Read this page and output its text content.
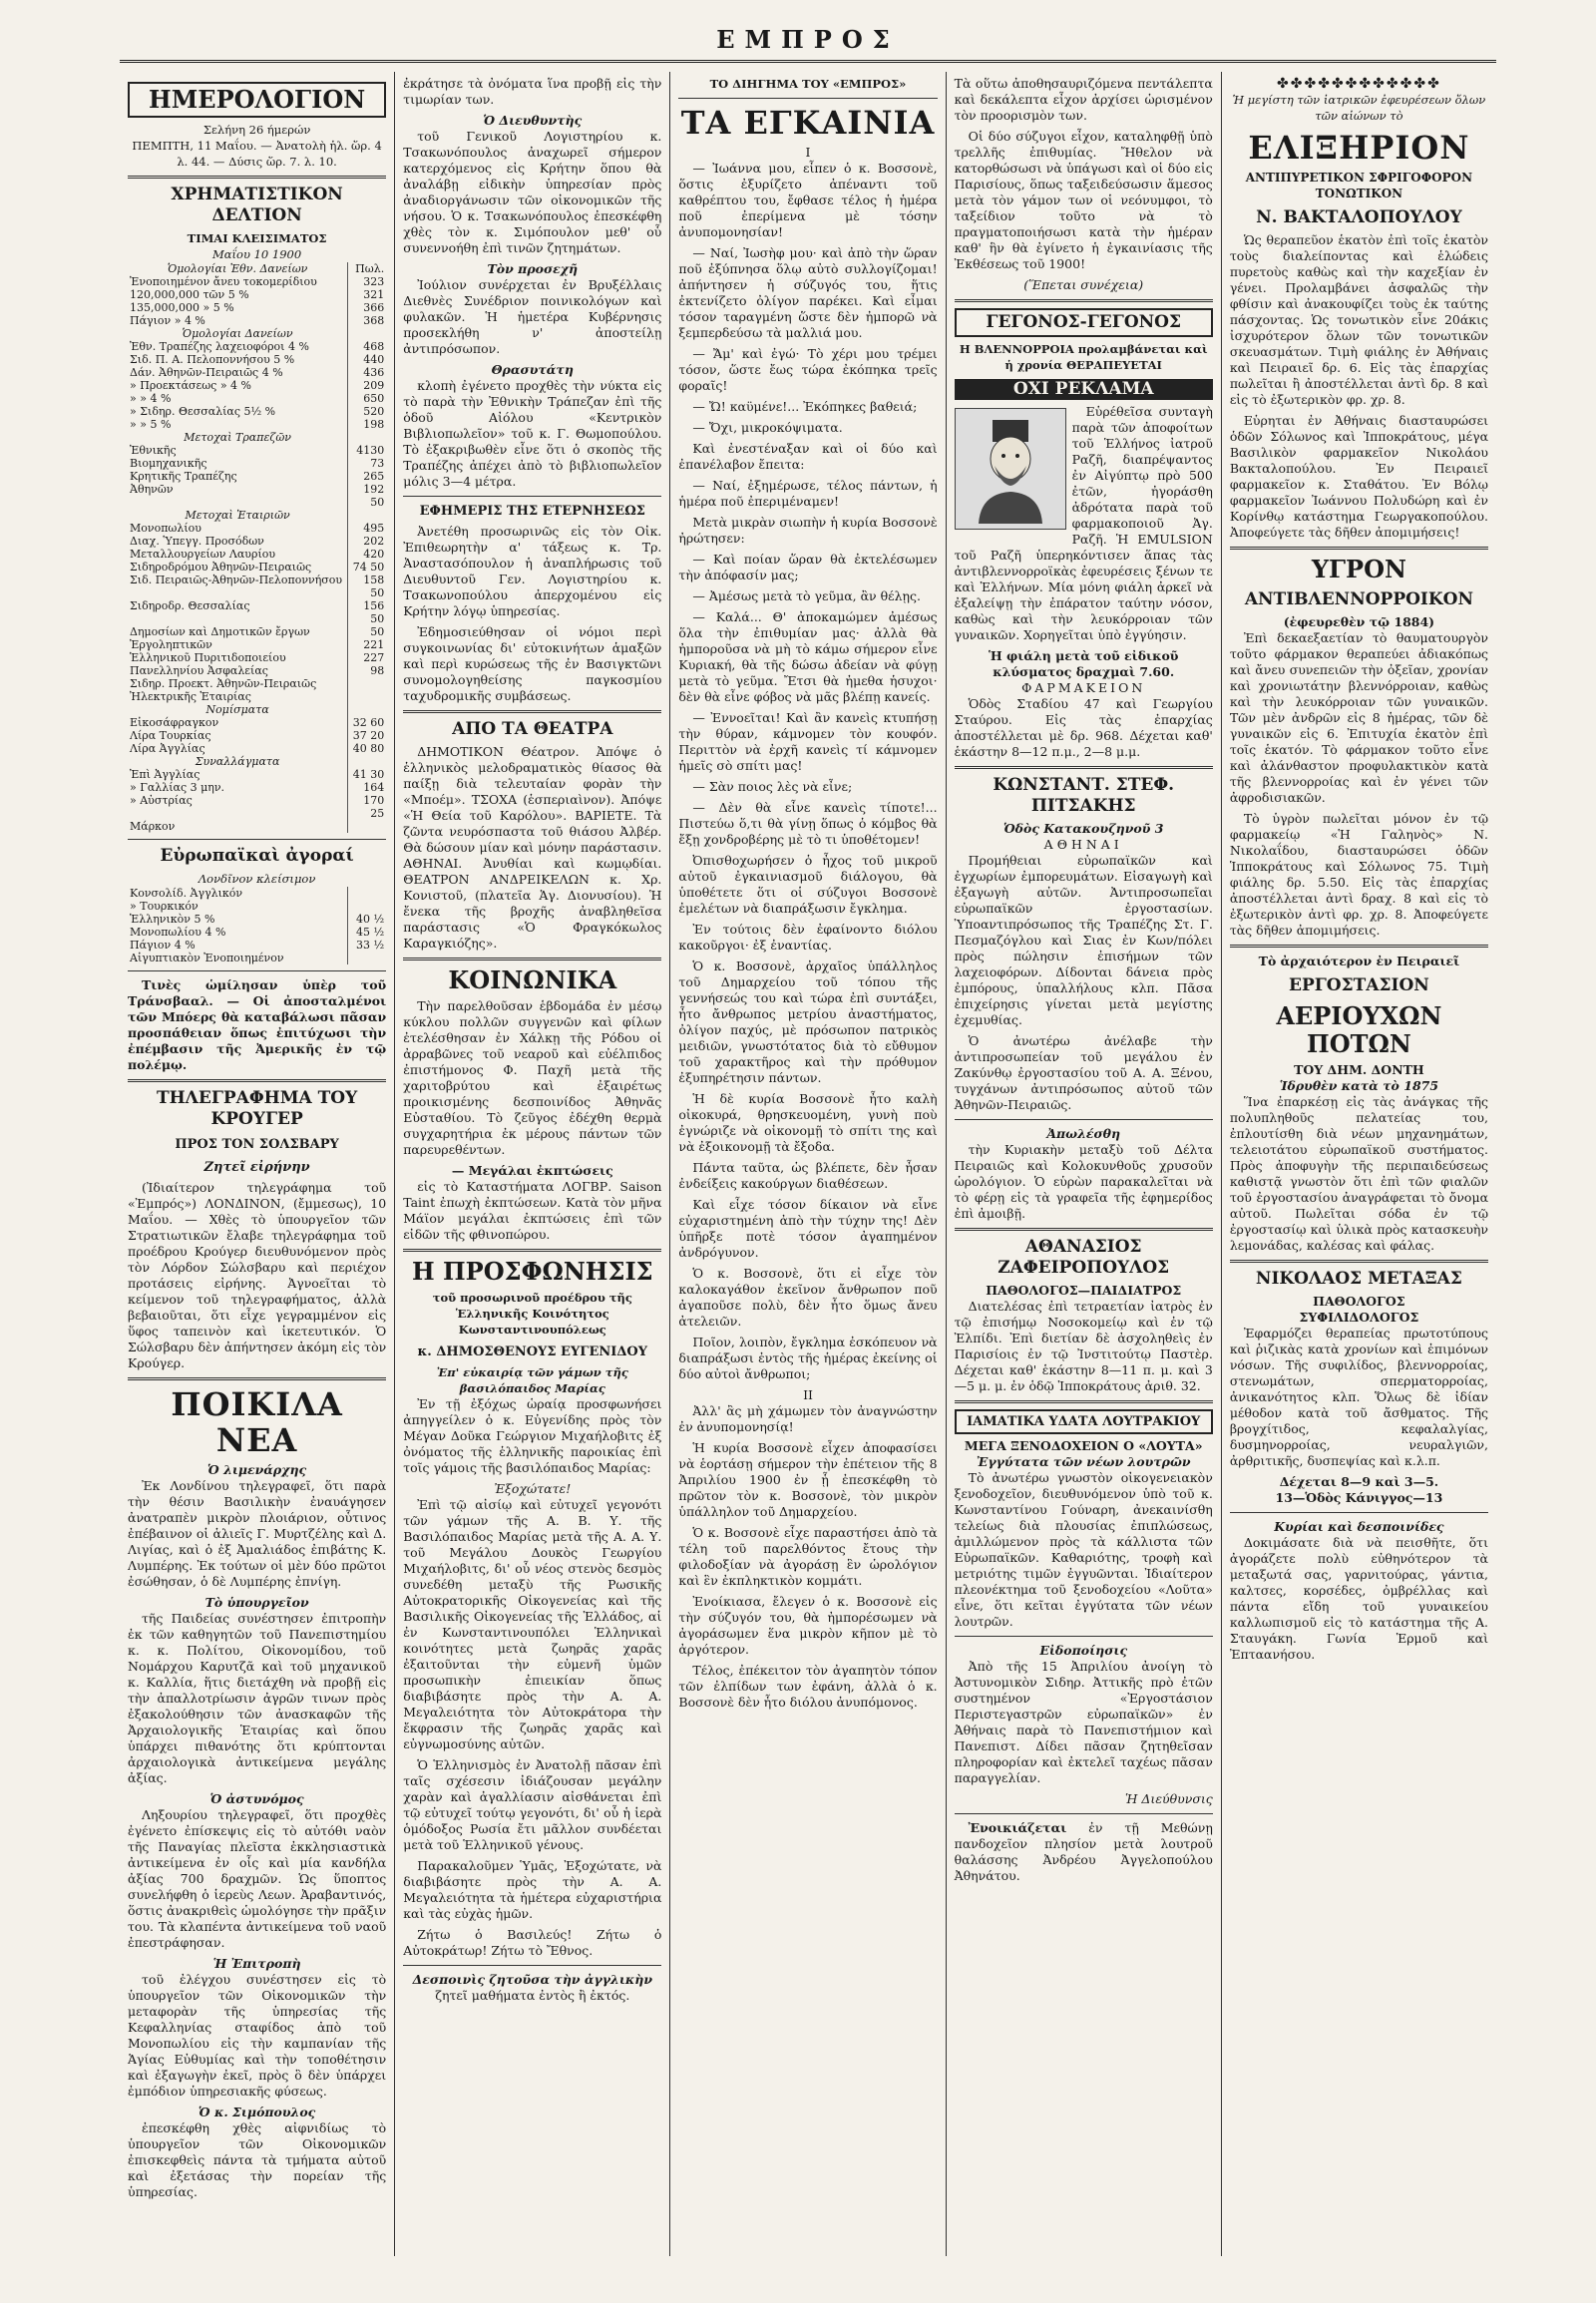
ΕΜΠΡΟΣ
ΗΜΕΡΟΛΟΓΙΟΝ
Σελήνη 26 ήμερών
ΠΕΜΠΤΗ, 11 Μαΐου. — Ἀνατολὴ ἡλ. ὥρ. 4 λ. 44. — Δύσις ὥρ. 7. λ. 10.
ΧΡΗΜΑΤΙΣΤΙΚΟΝ ΔΕΛΤΙΟΝ
ΤΙΜΑΙ ΚΛΕΙΣΙΜΑΤΟΣ
Μαΐου 10 1900
Ὁμολογίαι Ἐθν. Δανείων	Πωλ.
Ἐνοποιημένον ἄνευ τοκομερίδιου	323
120,000,000 τῶν 5 %	321
135,000,000 » 5 %	366
Πάγιον » 4 %	368
Ὁμολογίαι Δανείων	
Ἐθν. Τραπέζης λαχειοφόροι 4 %	468
Σιδ. Π. Α. Πελοποννήσου 5 %	440
Δάν. Ἀθηνῶν-Πειραιῶς 4 %	436
» Προεκτάσεως » 4 %	209
» » 4 %	650
» Σιδηρ. Θεσσαλίας 5½ %	520
» » 5 %	198
Μετοχαὶ Τραπεζῶν	
Ἐθνικῆς	4130
Βιομηχανικῆς	73
Κρητικῆς Τραπέζης	265
Ἀθηνῶν	192 50
Μετοχαὶ Ἑταιριῶν	
Μονοπωλίου	495
Διαχ. Ὑπεγγ. Προσόδων	202
Μεταλλουργείων Λαυρίου	420
Σιδηροδρόμου Ἀθηνῶν-Πειραιῶς	74 50
Σιδ. Πειραιῶς-Ἀθηνῶν-Πελοποννήσου	158 50
Σιδηροδρ. Θεσσαλίας	156 50
Δημοσίων καὶ Δημοτικῶν ἔργων	50
Ἐργοληπτικῶν	221
Ἑλληνικοῦ Πυριτιδοποιείου	227
Πανελληνίου Ἀσφαλείας	98
Σιδηρ. Προεκτ. Ἀθηνῶν-Πειραιῶς	
Ἠλεκτρικῆς Ἑταιρίας	
Νομίσματα	
Εἰκοσάφραγκον	32 60
Λίρα Τουρκίας	37 20
Λίρα Ἀγγλίας	40 80
Συναλλάγματα	
Ἐπὶ Ἀγγλίας	41 30
» Γαλλίας 3 μην.	164
» Αὐστρίας	170 25
Μάρκον	
Εὐρωπαϊκαὶ ἀγοραί
Λονδῖνον κλείσιμον
Κονσολίδ. Ἀγγλικόν	
» Τουρκικόν	
Ἑλληνικὸν 5 %	40 ½
Μονοπωλίου 4 %	45 ½
Πάγιον 4 %	33 ½
Αἰγυπτιακὸν Ἐνοποιημένον	

Τινὲς ὡμίλησαν ὑπὲρ τοῦ Τράνσβααλ. — Οἱ ἀποσταλμένοι τῶν Μπόερς θὰ καταβάλωσι πᾶσαν προσπάθειαν ὅπως ἐπιτύχωσι τὴν ἐπέμβασιν τῆς Ἀμερικῆς ἐν τῷ πολέμῳ.

ΤΗΛΕΓΡΑΦΗΜΑ ΤΟΥ ΚΡΟΥΓΕΡ
ΠΡΟΣ ΤΟΝ ΣΟΛΣΒΑΡΥ
Ζητεῖ εἰρήνην

(Ἰδιαίτερον τηλεγράφημα τοῦ «Ἐμπρός») ΛΟΝΔΙΝΟΝ, (ἔμμεσως), 10 Μαΐου. — Χθὲς τὸ ὑπουργεῖον τῶν Στρατιωτικῶν ἔλαβε τηλεγράφημα τοῦ προέδρου Κρούγερ διευθυνόμενον πρὸς τὸν Λόρδον Σώλσβαρυ καὶ περιέχον προτάσεις εἰρήνης. Ἀγνοεῖται τὸ κείμενον τοῦ τηλεγραφήματος, ἀλλὰ βεβαιοῦται, ὅτι εἶχε γεγραμμένον εἰς ὕφος ταπεινὸν καὶ ἱκετευτικόν. Ὁ Σώλσβαρυ δὲν ἀπήντησεν ἀκόμη εἰς τὸν Κρούγερ.

ΠΟΙΚΙΛΑ ΝΕΑ
Ὁ λιμενάρχης

Ἐκ Λονδίνου τηλεγραφεῖ, ὅτι παρὰ τὴν θέσιν Βασιλικὴν ἐναυάγησεν ἀνατραπὲν μικρὸν πλοιάριον, οὗτινος ἐπέβαινον οἱ ἁλιεῖς Γ. Μυρτζέλης καὶ Δ. Λιγίας, καὶ ὁ ἐξ Ἀμαλιάδος ἐπιβάτης Κ. Λυμπέρης. Ἐκ τούτων οἱ μὲν δύο πρῶτοι ἐσώθησαν, ὁ δὲ Λυμπέρης ἐπνίγη.

Τὸ ὑπουργεῖον

τῆς Παιδείας συνέστησεν ἐπιτροπὴν ἐκ τῶν καθηγητῶν τοῦ Πανεπιστημίου κ. κ. Πολίτου, Οἰκονομίδου, τοῦ Νομάρχου Καρυτζᾶ καὶ τοῦ μηχανικοῦ κ. Καλλία, ἥτις διετάχθη νὰ προβῇ εἰς τὴν ἀπαλλοτρίωσιν ἀγρῶν τινων πρὸς ἐξακολούθησιν τῶν ἀνασκαφῶν τῆς Ἀρχαιολογικῆς Ἑταιρίας καὶ ὅπου ὑπάρχει πιθανότης ὅτι κρύπτονται ἀρχαιολογικὰ ἀντικείμενα μεγάλης ἀξίας.

Ὁ ἀστυνόμος

Ληξουρίου τηλεγραφεῖ, ὅτι προχθὲς ἐγένετο ἐπίσκεψις εἰς τὸ αὐτόθι ναὸν τῆς Παναγίας πλεῖστα ἐκκλησιαστικὰ ἀντικείμενα ἐν οἷς καὶ μία κανδήλα ἀξίας 700 δραχμῶν. Ὡς ὕποπτος συνελήφθη ὁ ἱερεὺς Λεων. Ἀραβαντινός, ὅστις ἀνακριθεὶς ὡμολόγησε τὴν πρᾶξιν του. Τὰ κλαπέντα ἀντικείμενα τοῦ ναοῦ ἐπεστράφησαν.

Ἡ Ἐπιτροπὴ

τοῦ ἐλέγχου συνέστησεν εἰς τὸ ὑπουργεῖον τῶν Οἰκονομικῶν τὴν μεταφορὰν τῆς ὑπηρεσίας τῆς Κεφαλληνίας σταφίδος ἀπὸ τοῦ Μονοπωλίου εἰς τὴν καμπανίαν τῆς Ἁγίας Εὐθυμίας καὶ τὴν τοποθέτησιν καὶ ἐξαγωγὴν ἐκεῖ, πρὸς ὃ δὲν ὑπάρχει ἐμπόδιον ὑπηρεσιακῆς φύσεως.

Ὁ κ. Σιμόπουλος

ἐπεσκέφθη χθὲς αἰφνιδίως τὸ ὑπουργεῖον τῶν Οἰκονομικῶν ἐπισκεφθεὶς πάντα τὰ τμήματα αὐτοῦ καὶ ἐξετάσας τὴν πορείαν τῆς ὑπηρεσίας.

ἐκράτησε τὰ ὀνόματα ἵνα προβῇ εἰς τὴν τιμωρίαν των.

Ὁ Διευθυντὴς

τοῦ Γενικοῦ Λογιστηρίου κ. Τσακωνόπουλος ἀναχωρεῖ σήμερον κατερχόμενος εἰς Κρήτην ὅπου θὰ ἀναλάβῃ εἰδικὴν ὑπηρεσίαν πρὸς ἀναδιοργάνωσιν τῶν οἰκονομικῶν τῆς νήσου. Ὁ κ. Τσακωνόπουλος ἐπεσκέφθη χθὲς τὸν κ. Σιμόπουλον μεθ' οὗ συνεννοήθη ἐπὶ τινῶν ζητημάτων.

Τὸν προσεχῆ

Ἰούλιον συνέρχεται ἐν Βρυξέλλαις Διεθνὲς Συνέδριον ποινικολόγων καὶ φυλακῶν. Ἡ ἡμετέρα Κυβέρνησις προσεκλήθη ν' ἀποστείλῃ ἀντιπρόσωπον.

Θρασυτάτη

κλοπὴ ἐγένετο προχθὲς τὴν νύκτα εἰς τὸ παρὰ τὴν Ἐθνικὴν Τράπεζαν ἐπὶ τῆς ὁδοῦ Αἰόλου «Κεντρικὸν Βιβλιοπωλεῖον» τοῦ κ. Γ. Θωμοπούλου. Τὸ ἐξακριβωθὲν εἶνε ὅτι ὁ σκοπὸς τῆς Τραπέζης ἀπέχει ἀπὸ τὸ βιβλιοπωλεῖον μόλις 3—4 μέτρα.

ΕΦΗΜΕΡΙΣ ΤΗΣ ΕΤΕΡΝΗΣΕΩΣ

Ἀνετέθη προσωρινῶς εἰς τὸν Οἰκ. Ἐπιθεωρητὴν α' τάξεως κ. Τρ. Ἀναστασόπουλον ἡ ἀναπλήρωσις τοῦ Διευθυντοῦ Γεν. Λογιστηρίου κ. Τσακωνοπούλου ἀπερχομένου εἰς Κρήτην λόγῳ ὑπηρεσίας.

Ἐδημοσιεύθησαν οἱ νόμοι περὶ συγκοινωνίας δι' εὐτοκινήτων ἁμαξῶν καὶ περὶ κυρώσεως τῆς ἐν Βασιγκτῶνι συνομολογηθείσης παγκοσμίου ταχυδρομικῆς συμβάσεως.

ΑΠΟ ΤΑ ΘΕΑΤΡΑ

ΔΗΜΟΤΙΚΟΝ Θέατρον. Ἀπόψε ὁ ἑλληνικὸς μελοδραματικὸς θίασος θὰ παίξῃ διὰ τελευταίαν φορὰν τὴν «Μποέμ». ΤΣΟΧΑ (ἑσπεριαὶνον). Ἀπόψε «Ἡ Θεία τοῦ Καρόλου». ΒΑΡΙΕΤΕ. Τὰ ζῶντα νευρόσπαστα τοῦ θιάσου Ἀλβέρ. Θὰ δώσουν μίαν καὶ μόνην παράστασιν. ΑΘΗΝΑΙ. Ἀνυθίαι καὶ κωμῳδίαι. ΘΕΑΤΡΟΝ ΑΝΔΡΕΙΚΕΛΩΝ κ. Χρ. Κονιστοῦ, (πλατεῖα Ἁγ. Διονυσίου). Ἡ ἔνεκα τῆς βροχῆς ἀναβληθεῖσα παράστασις «Ὁ Φραγκόκωλος Καραγκιόζης».

ΚΟΙΝΩΝΙΚΑ

Τὴν παρελθοῦσαν ἑβδομάδα ἐν μέσῳ κύκλου πολλῶν συγγενῶν καὶ φίλων ἐτελέσθησαν ἐν Χάλκῃ τῆς Ρόδου οἱ ἀρραβῶνες τοῦ νεαροῦ καὶ εὐέλπιδος ἐπιστήμονος Φ. Παχῆ μετὰ τῆς χαριτοβρύτου καὶ ἐξαιρέτως προικισμένης δεσποινίδος Ἀθηνᾶς Εὐσταθίου. Τὸ ζεῦγος ἐδέχθη θερμὰ συγχαρητήρια ἐκ μέρους πάντων τῶν παρευρεθέντων.

— Μεγάλαι ἐκπτώσεις

εἰς τὸ Καταστήματα ΛΟΓΒΡ. Saison Taint ἐπωχὴ ἐκπτώσεων. Κατὰ τὸν μῆνα Μάϊον μεγάλαι ἐκπτώσεις ἐπὶ τῶν εἰδῶν τῆς φθινοπώρου.

Η ΠΡΟΣΦΩΝΗΣΙΣ
τοῦ προσωρινοῦ προέδρου τῆς Ἑλληνικῆς Κοινότητος Κωνσταντινουπόλεως
κ. ΔΗΜΟΣΘΕΝΟΥΣ ΕΥΓΕΝΙΔΟΥ
Ἐπ' εὐκαιρίᾳ τῶν γάμων τῆς βασιλόπαιδος Μαρίας

Ἐν τῇ ἐξόχως ὡραίᾳ προσφωνήσει ἀπηγγείλεν ὁ κ. Εὐγενίδης πρὸς τὸν Μέγαν Δοῦκα Γεώργιον Μιχαήλοβιτς ἐξ ὀνόματος τῆς ἑλληνικῆς παροικίας ἐπὶ τοῖς γάμοις τῆς βασιλόπαιδος Μαρίας:

Ἐξοχώτατε!

Ἐπὶ τῷ αἰσίῳ καὶ εὐτυχεῖ γεγονότι τῶν γάμων τῆς Α. Β. Υ. τῆς Βασιλόπαιδος Μαρίας μετὰ τῆς Α. Α. Υ. τοῦ Μεγάλου Δουκὸς Γεωργίου Μιχαήλοβιτς, δι' οὗ νέος στενὸς δεσμὸς συνεδέθη μεταξὺ τῆς Ρωσικῆς Αὐτοκρατορικῆς Οἰκογενείας καὶ τῆς Βασιλικῆς Οἰκογενείας τῆς Ἑλλάδος, αἱ ἐν Κωνσταντινουπόλει Ἑλληνικαὶ κοινότητες μετὰ ζωηρᾶς χαρᾶς ἐξαιτοῦνται τὴν εὐμενῆ ὑμῶν προσωπικὴν ἐπιεικίαν ὅπως διαβιβάσητε πρὸς τὴν Α. Α. Μεγαλειότητα τὸν Αὐτοκράτορα τὴν ἔκφρασιν τῆς ζωηρᾶς χαρᾶς καὶ εὐγνωμοσύνης αὐτῶν.

Ὁ Ἑλληνισμὸς ἐν Ἀνατολῇ πᾶσαν ἐπὶ ταῖς σχέσεσιν ἰδιάζουσαν μεγάλην χαρὰν καὶ ἀγαλλίασιν αἰσθάνεται ἐπὶ τῷ εὐτυχεῖ τούτῳ γεγονότι, δι' οὗ ἡ ἱερὰ ὁμόδοξος Ρωσία ἔτι μᾶλλον συνδέεται μετὰ τοῦ Ἑλληνικοῦ γένους.

Παρακαλοῦμεν Ὑμᾶς, Ἐξοχώτατε, νὰ διαβιβάσητε πρὸς τὴν Α. Α. Μεγαλειότητα τὰ ἡμέτερα εὐχαριστήρια καὶ τὰς εὐχὰς ἡμῶν.

Ζήτω ὁ Βασιλεύς! Ζήτω ὁ Αὐτοκράτωρ! Ζήτω τὸ Ἔθνος.

Δεσποινὶς ζητοῦσα τὴν ἀγγλικὴν
ζητεῖ μαθήματα ἐντὸς ἢ ἐκτός.
ΤΟ ΔΙΗΓΗΜΑ ΤΟΥ «ΕΜΠΡΟΣ»
ΤΑ ΕΓΚΑΙΝΙΑ
I

— Ἰωάννα μου, εἶπεν ὁ κ. Βοσσονὲ, ὅστις ἐξυρίζετο ἀπέναντι τοῦ καθρέπτου του, ἔφθασε τέλος ἡ ἡμέρα ποῦ ἐπερίμενα μὲ τόσην ἀνυπομονησίαν!

— Ναί, Ἰωσὴφ μου· καὶ ἀπὸ τὴν ὥραν ποῦ ἐξύπνησα ὅλῳ αὐτὸ συλλογίζομαι! ἀπήντησεν ἡ σύζυγός του, ἥτις ἐκτενίζετο ὀλίγον παρέκει. Καὶ εἶμαι τόσον ταραγμένη ὥστε δὲν ἠμπορῶ νὰ ξεμπερδεύσω τὰ μαλλιά μου.

— Ἄμ' καὶ ἐγώ· Τὸ χέρι μου τρέμει τόσον, ὥστε ἔως τώρα ἐκόπηκα τρεῖς φοραῖς!

— Ὤ! καϋμένε!... Ἐκόπηκες βαθειά;

— Ὄχι, μικροκόψιματα.

Καὶ ἐνεστέναξαν καὶ οἱ δύο καὶ ἐπανέλαβον ἔπειτα:

— Ναί, ἐξημέρωσε, τέλος πάντων, ἡ ἡμέρα ποῦ ἐπεριμέναμεν!

Μετὰ μικρὰν σιωπὴν ἡ κυρία Βοσσονὲ ἠρώτησεν:

— Καὶ ποίαν ὥραν θὰ ἐκτελέσωμεν τὴν ἀπόφασίν μας;

— Ἀμέσως μετὰ τὸ γεῦμα, ἂν θέλῃς.

— Καλά... Θ' ἀποκαμώμεν ἀμέσως ὅλα τὴν ἐπιθυμίαν μας· ἀλλὰ θὰ ἠμποροῦσα νὰ μὴ τὸ κάμω σήμερον εἶνε Κυριακή, θὰ τῆς δώσω ἀδείαν νὰ φύγῃ μετὰ τὸ γεῦμα. Ἔτσι θὰ ἠμεθα ἡσυχοι· δὲν θὰ εἶνε φόβος νὰ μᾶς βλέπῃ κανείς.

— Ἐννοεῖται! Καὶ ἂν κανεὶς κτυπήσῃ τὴν θύραν, κάμνομεν τὸν κουφόν. Περιττὸν νὰ ἐρχῆ κανεὶς τί κάμνομεν ἡμεῖς σὸ σπίτι μας!

— Σὰν ποιος λὲς νὰ εἶνε;

— Δὲν θὰ εἶνε κανεὶς τίποτε!... Πιστεύω ὅ,τι θὰ γίνῃ ὅπως ὁ κόμβος θὰ ἔξῃ χονδροβέρης μὲ τὸ τι ὑποθέτομεν!

Ὀπισθοχωρήσεν ὁ ἦχος τοῦ μικροῦ αὐτοῦ ἐγκαινιασμοῦ διάλογου, θὰ ὑποθέτετε ὅτι οἱ σύζυγοι Βοσσονὲ ἐμελέτων νὰ διαπράξωσιν ἔγκλημα.

Ἐν τούτοις δὲν ἐφαίνοντο διόλου κακοῦργοι· ἐξ ἐναντίας.

Ὁ κ. Βοσσονὲ, ἀρχαῖος ὑπάλληλος τοῦ Δημαρχείου τοῦ τόπου τῆς γεννήσεώς του καὶ τώρα ἐπὶ συντάξει, ἦτο ἄνθρωπος μετρίου ἀναστήματος, ὀλίγον παχύς, μὲ πρόσωπον πατρικὸς μειδιῶν, γνωστότατος διὰ τὸ εὔθυμον τοῦ χαρακτῆρος καὶ τὴν πρόθυμον ἐξυπηρέτησιν πάντων.

Ἡ δὲ κυρία Βοσσονὲ ἦτο καλὴ οἰκοκυρά, θρησκευομένη, γυνὴ ποὺ ἐγνώριζε νὰ οἰκονομῇ τὸ σπίτι της καὶ νὰ ἐξοικονομῇ τὰ ἔξοδα.

Πάντα ταῦτα, ὡς βλέπετε, δὲν ἦσαν ἐνδείξεις κακούργων διαθέσεων.

Καὶ εἶχε τόσον δίκαιον νὰ εἶνε εὐχαριστημένη ἀπὸ τὴν τύχην της! Δὲν ὑπῆρξε ποτὲ τόσον ἀγαπημένον ἀνδρόγυνον.

Ὁ κ. Βοσσονὲ, ὅτι εἰ εἶχε τὸν καλοκαγάθον ἐκεῖνον ἄνθρωπον ποῦ ἀγαποῦσε πολὺ, δὲν ἦτο ὅμως ἄνευ ἀτελειῶν.

Ποῖον, λοιπὸν, ἔγκλημα ἐσκόπευον νὰ διαπράξωσι ἐντὸς τῆς ἡμέρας ἐκείνης οἱ δύο αὐτοὶ ἄνθρωποι;

II

Ἀλλ' ἂς μὴ χάμωμεν τὸν ἀναγνώστην ἐν ἀνυπομονησίᾳ!

Ἡ κυρία Βοσσονὲ εἶχεν ἀποφασίσει νὰ ἑορτάσῃ σήμερον τὴν ἐπέτειον τῆς 8 Ἀπριλίου 1900 ἐν ᾗ ἐπεσκέφθη τὸ πρῶτον τὸν κ. Βοσσονὲ, τὸν μικρὸν ὑπάλληλον τοῦ Δημαρχείου.

Ὁ κ. Βοσσονὲ εἶχε παραστήσει ἀπὸ τὰ τέλη τοῦ παρελθόντος ἔτους τὴν φιλοδοξίαν νὰ ἀγοράσῃ ἓν ὡρολόγιον καὶ ἓν ἐκπληκτικὸν κομμάτι.

Ἐνοίκιασα, ἔλεγεν ὁ κ. Βοσσονὲ εἰς τὴν σύζυγόν του, θὰ ἠμπορέσωμεν νὰ ἀγοράσωμεν ἕνα μικρὸν κῆπον μὲ τὸ ἀργότερον.

Τέλος, ἐπέκειτον τὸν ἀγαπητὸν τόπον τῶν ἐλπίδων των ἐφάνη, ἀλλὰ ὁ κ. Βοσσονὲ δὲν ἦτο διόλου ἀνυπόμονος.

Τὰ οὕτω ἀποθησαυριζόμενα πεντάλεπτα καὶ δεκάλεπτα εἶχον ἀρχίσει ὡρισμένον τὸν προορισμὸν των.

Οἱ δύο σύζυγοι εἶχον, καταληφθῇ ὑπὸ τρελλῆς ἐπιθυμίας. Ἤθελον νὰ κατορθώσωσι νὰ ὑπάγωσι καὶ οἱ δύο εἰς Παρισίους, ὅπως ταξειδεύσωσιν ἅμεσος μετὰ τὸν γάμον των οἱ νεόνυμφοι, τὸ ταξείδιον τοῦτο νὰ τὸ πραγματοποιήσωσι κατὰ τὴν ἡμέραν καθ' ἣν θὰ ἐγίνετο ἡ ἐγκαινίασις τῆς Ἐκθέσεως τοῦ 1900!

(Ἕπεται συνέχεια)
ΓΕΓΟΝΟΣ-ΓΕΓΟΝΟΣ
Η ΒΛΕΝΝΟΡΡΟΙΑ προλαμβάνεται καὶ ἡ χρονία ΘΕΡΑΠΕΥΕΤΑΙ
ΟΧΙ ΡΕΚΛΑΜΑ

Εὑρέθεῖσα συνταγὴ παρὰ τῶν ἀποφοίτων τοῦ Ἑλλήνος ἰατροῦ Ραζῆ, διαπρέψαντος ἐν Αἰγύπτῳ πρὸ 500 ἐτῶν, ἠγοράσθη ἀδρότατα παρὰ τοῦ φαρμακοποιοῦ Ἀγ. Ραζῆ. Ἡ EMULSION τοῦ Ραζῆ ὑπερηκόντισεν ἅπας τὰς ἀντιβλεννορροϊκὰς ἐφευρέσεις ξένων τε καὶ Ἑλλήνων. Μία μόνη φιάλη ἀρκεῖ νὰ ἐξαλείψῃ τὴν ἐπάρατον ταύτην νόσον, καθὼς καὶ τὴν λευκόρροιαν τῶν γυναικῶν. Χορηγεῖται ὑπὸ ἐγγύησιν.

Ἡ φιάλη μετὰ τοῦ εἰδικοῦ κλύσματος δραχμαὶ 7.60.
ΦΑΡΜΑΚΕΙΟΝ

Ὁδὸς Σταδίου 47 καὶ Γεωργίου Σταύρου. Εἰς τὰς ἐπαρχίας ἀποστέλλεται μὲ δρ. 968. Δέχεται καθ' ἑκάστην 8—12 π.μ., 2—8 μ.μ.

ΚΩΝΣΤΑΝΤ. ΣΤΕΦ. ΠΙΤΣΑΚΗΣ
Ὁδὸς Κατακουζηνοῦ 3
ΑΘΗΝΑΙ

Προμήθειαι εὐρωπαϊκῶν καὶ ἐγχωρίων ἐμπορευμάτων. Εἰσαγωγὴ καὶ ἐξαγωγὴ αὐτῶν. Ἀντιπροσωπεῖαι εὐρωπαϊκῶν ἐργοστασίων. Ὑποαντιπρόσωπος τῆς Τραπέζης Στ. Γ. Πεσμαζόγλου καὶ Σιας ἐν Κων/πόλει πρὸς πώλησιν ἐπισήμων τῶν λαχειοφόρων. Δίδονται δάνεια πρὸς ἐμπόρους, ὑπαλλήλους κλπ. Πᾶσα ἐπιχείρησις γίνεται μετὰ μεγίστης ἐχεμυθίας.

Ὁ ἀνωτέρω ἀνέλαβε τὴν ἀντιπροσωπείαν τοῦ μεγάλου ἐν Ζακύνθῳ ἐργοστασίου τοῦ Α. Α. Ξένου, τυγχάνων ἀντιπρόσωπος αὐτοῦ τῶν Ἀθηνῶν-Πειραιῶς.

Ἀπωλέσθη

τὴν Κυριακὴν μεταξὺ τοῦ Δέλτα Πειραιῶς καὶ Κολοκυνθοῦς χρυσοῦν ὡρολόγιον. Ὁ εὑρὼν παρακαλεῖται νὰ τὸ φέρῃ εἰς τὰ γραφεῖα τῆς ἐφημερίδος ἐπὶ ἀμοιβῇ.

ΑΘΑΝΑΣΙΟΣ ΖΑΦΕΙΡΟΠΟΥΛΟΣ
ΠΑΘΟΛΟΓΟΣ—ΠΑΙΔΙΑΤΡΟΣ

Διατελέσας ἐπὶ τετραετίαν ἰατρὸς ἐν τῷ ἐπισήμῳ Νοσοκομείῳ καὶ ἐν τῷ Ἐλπίδι. Ἐπὶ διετίαν δὲ ἀσχοληθεὶς ἐν Παρισίοις ἐν τῷ Ἰνστιτούτῳ Παστὲρ. Δέχεται καθ' ἑκάστην 8—11 π. μ. καὶ 3—5 μ. μ. ἐν ὁδῷ Ἱπποκράτους ἀριθ. 32.

ΙΑΜΑΤΙΚΑ ΥΔΑΤΑ ΛΟΥΤΡΑΚΙΟΥ
ΜΕΓΑ ΞΕΝΟΔΟΧΕΙΟΝ Ο «ΛΟΥΤΑ»
Ἐγγύτατα τῶν νέων λουτρῶν

Τὸ ἀνωτέρω γνωστὸν οἰκογενειακὸν ξενοδοχεῖον, διευθυνόμενον ὑπὸ τοῦ κ. Κωνσταντίνου Γούναρη, ἀνεκαινίσθη τελείως διὰ πλουσίας ἐπιπλώσεως, ἀμιλλώμενον πρὸς τὰ κάλλιστα τῶν Εὐρωπαϊκῶν. Καθαριότης, τροφὴ καὶ μετριότης τιμῶν ἐγγυῶνται. Ἰδιαίτερον πλεονέκτημα τοῦ ξενοδοχείου «Λοῦτα» εἶνε, ὅτι κεῖται ἐγγύτατα τῶν νέων λουτρῶν.

Εἰδοποίησις

Ἀπὸ τῆς 15 Ἀπριλίου ἀνοίγη τὸ Ἀστυνομικὸν Σιδηρ. Ἀττικῆς πρὸ ἐτῶν συστημένον «Ἐργοστάσιον Περιστεγαστρῶν εὐρωπαϊκῶν» ἐν Ἀθήναις παρὰ τὸ Πανεπιστήμιον καὶ Πανεπιστ. Δίδει πᾶσαν ζητηθεῖσαν πληροφορίαν καὶ ἐκτελεῖ ταχέως πᾶσαν παραγγελίαν.

Ἡ Διεύθυνσις

Ἐνοικιάζεται ἐν τῇ Μεθώνῃ πανδοχεῖον πλησίον μετὰ λουτροῦ θαλάσσης Ἀνδρέου Ἀγγελοπούλου Ἀθηνάτου.

✤✤✤✤✤✤✤✤✤✤✤✤
Ἡ μεγίστη τῶν ἰατρικῶν ἐφευρέσεων ὅλων τῶν αἰώνων τὸ
ΕΛΙΞΗΡΙΟΝ
ΑΝΤΙΠΥΡΕΤΙΚΟΝ ΣΦΡΙΓΟΦΟΡΟΝ ΤΟΝΩΤΙΚΟΝ
Ν. ΒΑΚΤΑΛΟΠΟΥΛΟΥ

Ὡς θεραπεῦον ἑκατὸν ἐπὶ τοῖς ἑκατὸν τοὺς διαλείποντας καὶ ἑλώδεις πυρετοὺς καθὼς καὶ τὴν καχεξίαν ἐν γένει. Προλαμβάνει ἀσφαλῶς τὴν φθίσιν καὶ ἀνακουφίζει τοὺς ἐκ ταύτης πάσχοντας. Ὡς τονωτικὸν εἶνε 20άκις ἰσχυρότερον ὅλων τῶν τονωτικῶν σκευασμάτων. Τιμὴ φιάλης ἐν Ἀθήναις καὶ Πειραιεῖ δρ. 6. Εἰς τὰς ἐπαρχίας πωλεῖται ἢ ἀποστέλλεται ἀντὶ δρ. 8 καὶ εἰς τὸ ἐξωτερικὸν φρ. χρ. 8.

Εὑρηται ἐν Ἀθήναις διασταυρώσει ὁδῶν Σόλωνος καὶ Ἱπποκράτους, μέγα Βασιλικὸν φαρμακεῖον Νικολάου Βακταλοπούλου. Ἐν Πειραιεῖ φαρμακεῖον κ. Σταθάτου. Ἐν Βόλῳ φαρμακεῖον Ἰωάννου Πολυδώρη καὶ ἐν Κορίνθῳ κατάστημα Γεωργακοπούλου. Ἀποφεύγετε τὰς δῆθεν ἀπομιμήσεις!

ΥΓΡΟΝ
ΑΝΤΙΒΛΕΝΝΟΡΡΟΙΚΟΝ
(ἐφευρεθὲν τῷ 1884)

Ἐπὶ δεκαεξαετίαν τὸ θαυματουργὸν τοῦτο φάρμακον θεραπεύει ἀδιακόπως καὶ ἄνευ συνεπειῶν τὴν ὀξεῖαν, χρονίαν καὶ χρονιωτάτην βλεννόρροιαν, καθὼς καὶ τὴν λευκόρροιαν τῶν γυναικῶν. Τῶν μὲν ἀνδρῶν εἰς 8 ἡμέρας, τῶν δὲ γυναικῶν εἰς 6. Ἐπιτυχία ἑκατὸν ἐπὶ τοῖς ἑκατόν. Τὸ φάρμακον τοῦτο εἶνε καὶ ἀλάνθαστον προφυλακτικὸν κατὰ τῆς βλεννορροίας καὶ ἐν γένει τῶν ἀφροδισιακῶν.

Τὸ ὑγρὸν πωλεῖται μόνον ἐν τῷ φαρμακείῳ «Ἡ Γαληνὸς» Ν. Νικολαΐδου, διασταυρώσει ὁδῶν Ἱπποκράτους καὶ Σόλωνος 75. Τιμὴ φιάλης δρ. 5.50. Εἰς τὰς ἐπαρχίας ἀποστέλλεται ἀντὶ δραχ. 8 καὶ εἰς τὸ ἐξωτερικὸν ἀντὶ φρ. χρ. 8. Ἀποφεύγετε τὰς δῆθεν ἀπομιμήσεις.

Τὸ ἀρχαιότερον ἐν Πειραιεῖ
ΕΡΓΟΣΤΑΣΙΟΝ
ΑΕΡΙΟΥΧΩΝ ΠΟΤΩΝ
ΤΟΥ ΔΗΜ. ΔΟΝΤΗ
Ἱδρυθὲν κατὰ τὸ 1875

Ἵνα ἐπαρκέσῃ εἰς τὰς ἀνάγκας τῆς πολυπληθοῦς πελατείας του, ἐπλουτίσθη διὰ νέων μηχανημάτων, τελειοτάτου εὐρωπαϊκοῦ συστήματος. Πρὸς ἀποφυγὴν τῆς περιπαιδεύσεως καθιστᾷ γνωστὸν ὅτι ἐπὶ τῶν φιαλῶν τοῦ ἐργοστασίου ἀναγράφεται τὸ ὄνομα αὐτοῦ. Πωλεῖται σόδα ἐν τῷ ἐργοστασίῳ καὶ ὑλικὰ πρὸς κατασκευὴν λεμονάδας, καλέσας καὶ φάλας.

ΝΙΚΟΛΑΟΣ ΜΕΤΑΞΑΣ
ΠΑΘΟΛΟΓΟΣ
ΣΥΦΙΛΙΔΟΛΟΓΟΣ

Ἐφαρμόζει θεραπείας πρωτοτύπους καὶ ῥιζικὰς κατὰ χρονίων καὶ ἐπιμόνων νόσων. Τῆς συφιλίδος, βλεννορροίας, στενωμάτων, σπερματορροίας, ἀνικανότητος κλπ. Ὅλως δὲ ἰδίαν μέθοδον κατὰ τοῦ ἄσθματος. Τῆς βρογχίτιδος, κεφαλαλγίας, δυσμηνορροίας, νευραλγιῶν, ἀρθριτικῆς, δυσπεψίας καὶ κ.λ.π.

Δέχεται 8—9 καὶ 3—5.
13—Ὁδὸς Κάνιγγος—13
Κυρίαι καὶ δεσποινίδες

Δοκιμάσατε διὰ νὰ πεισθῆτε, ὅτι ἀγοράζετε πολὺ εὐθηνότερον τὰ μεταξωτά σας, γαρνιτούρας, γάντια, καλτσες, κορσέδες, ὀμβρέλλας καὶ πάντα εἴδη τοῦ γυναικείου καλλωπισμοῦ εἰς τὸ κατάστημα τῆς Α. Σταυγάκη. Γωνία Ἑρμοῦ καὶ Ἐπταανήσου.
